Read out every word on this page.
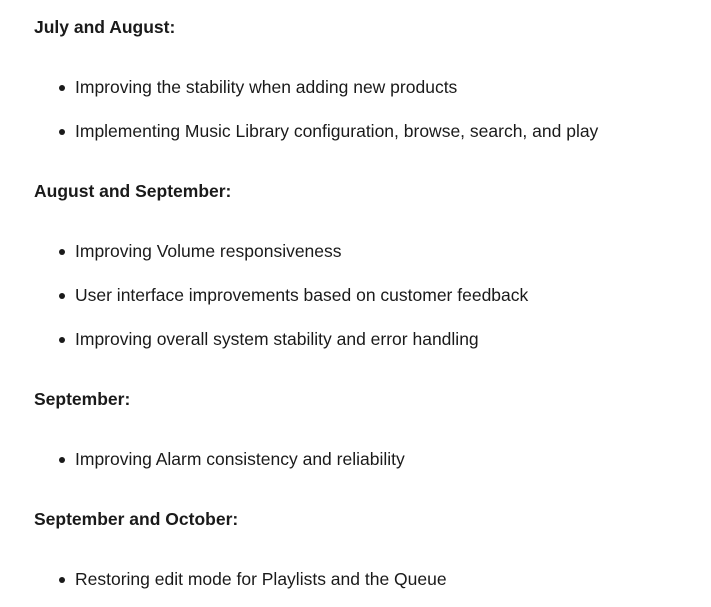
July and August:
Improving the stability when adding new products
Implementing Music Library configuration, browse, search, and play
August and September:
Improving Volume responsiveness
User interface improvements based on customer feedback
Improving overall system stability and error handling
September:
Improving Alarm consistency and reliability
September and October:
Restoring edit mode for Playlists and the Queue
